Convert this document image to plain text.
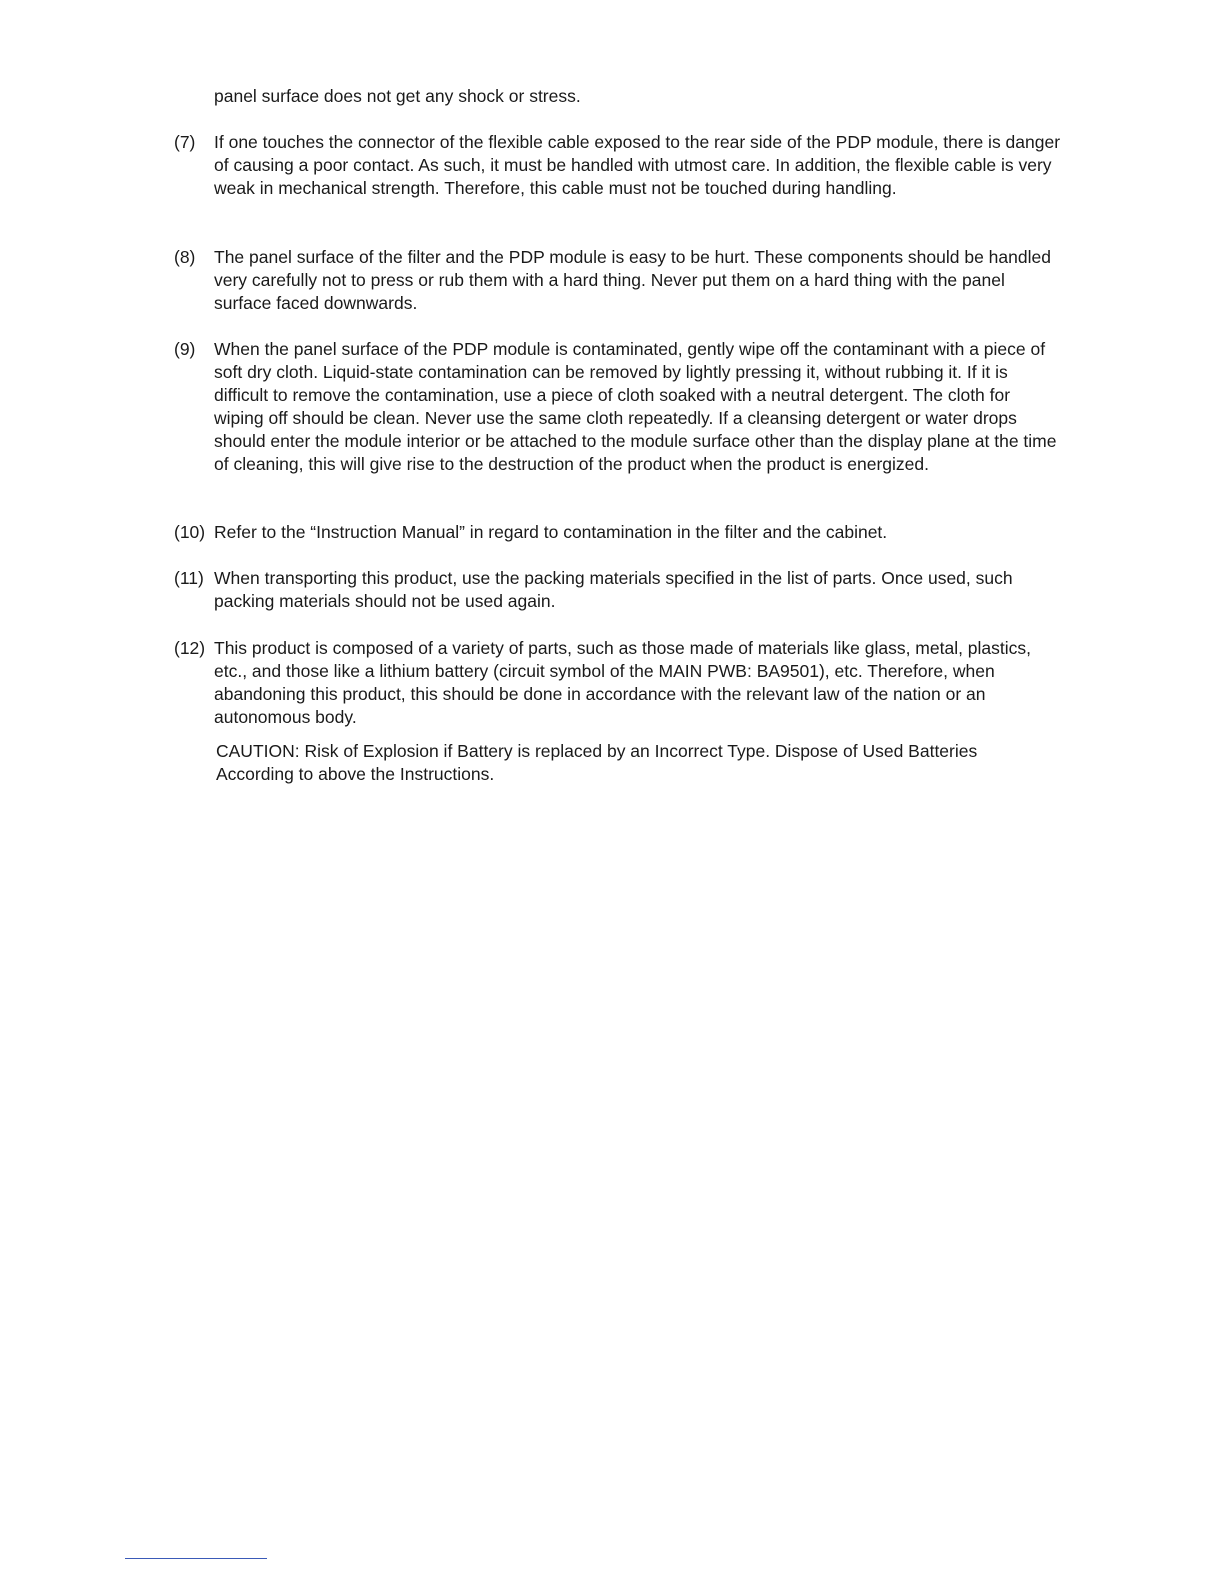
panel surface does not get any shock or stress.

(7)	If one touches the connector of the flexible cable exposed to the rear side of the PDP module, there is danger of causing a poor contact. As such, it must be handled with utmost care. In addition, the flexible cable is very weak in mechanical strength. Therefore, this cable must not be touched during handling.
(8)	The panel surface of the filter and the PDP module is easy to be hurt. These components should be handled very carefully not to press or rub them with a hard thing. Never put them on a hard thing with the panel surface faced downwards.
(9)	When the panel surface of the PDP module is contaminated, gently wipe off the contaminant with a piece of soft dry cloth. Liquid-state contamination can be removed by lightly pressing it, without rubbing it. If it is difficult to remove the contamination, use a piece of cloth soaked with a neutral detergent. The cloth for wiping off should be clean. Never use the same cloth repeatedly. If a cleansing detergent or water drops should enter the module interior or be attached to the module surface other than the display plane at the time of cleaning, this will give rise to the destruction of the product when the product is energized.
(10) Refer to the “Instruction Manual” in regard to contamination in the filter and the cabinet.
(11) When transporting this product, use the packing materials specified in the list of parts. Once used, such packing materials should not be used again.
(12) This product is composed of a variety of parts, such as those made of materials like glass, metal, plastics, etc., and those like a lithium battery (circuit symbol of the MAIN PWB: BA9501), etc. Therefore, when abandoning this product, this should be done in accordance with the relevant law of the nation or an autonomous body.

CAUTION: Risk of Explosion if Battery is replaced by an Incorrect Type. Dispose of Used Batteries According to above the Instructions.
